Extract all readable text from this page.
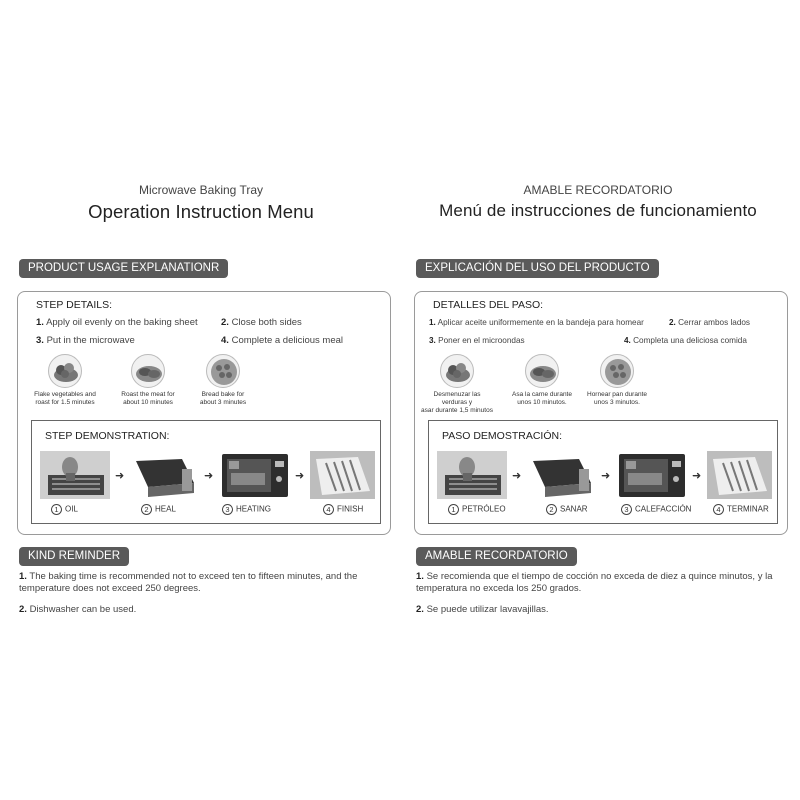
Microwave Baking Tray
Operation Instruction Menu
PRODUCT USAGE EXPLANATIONR
STEP DETAILS:
1. Apply oil evenly on the baking sheet 2. Close both sides
3. Put in the microwave	4. Complete a delicious meal
Flake vegetables and
roast for 1.5 minutes
Roast the meat for
about 10 minutes
Bread bake for
about 3 minutes
STEP DEMONSTRATION:
➜	➜	➜
1 OIL	2 HEAL	3 HEATING	4 FINISH
KIND REMINDER
1. The baking time is recommended not to exceed ten to fifteen minutes, and the temperature does not exceed 250 degrees.
2. Dishwasher can be used.
AMABLE RECORDATORIO
Menú de instrucciones de funcionamiento
EXPLICACIÓN DEL USO DEL PRODUCTO
DETALLES DEL PASO:
1. Aplicar aceite uniformemente en la bandeja para homear	2. Cerrar ambos lados
3. Poner en el microondas	4. Completa una deliciosa comida
Desmenuzar las verduras y
asar durante 1,5 minutos
Asa la carne durante
unos 10 minutos.
Hornear pan durante
unos 3 minutos.
PASO DEMOSTRACIÓN:
➜	➜	➜
1 PETRÓLEO	2 SANAR	3 CALEFACCIÓN	4 TERMINAR
AMABLE RECORDATORIO
1. Se recomienda que el tiempo de cocción no exceda de diez a quince minutos, y la temperatura no exceda los 250 grados.
2. Se puede utilizar lavavajillas.
